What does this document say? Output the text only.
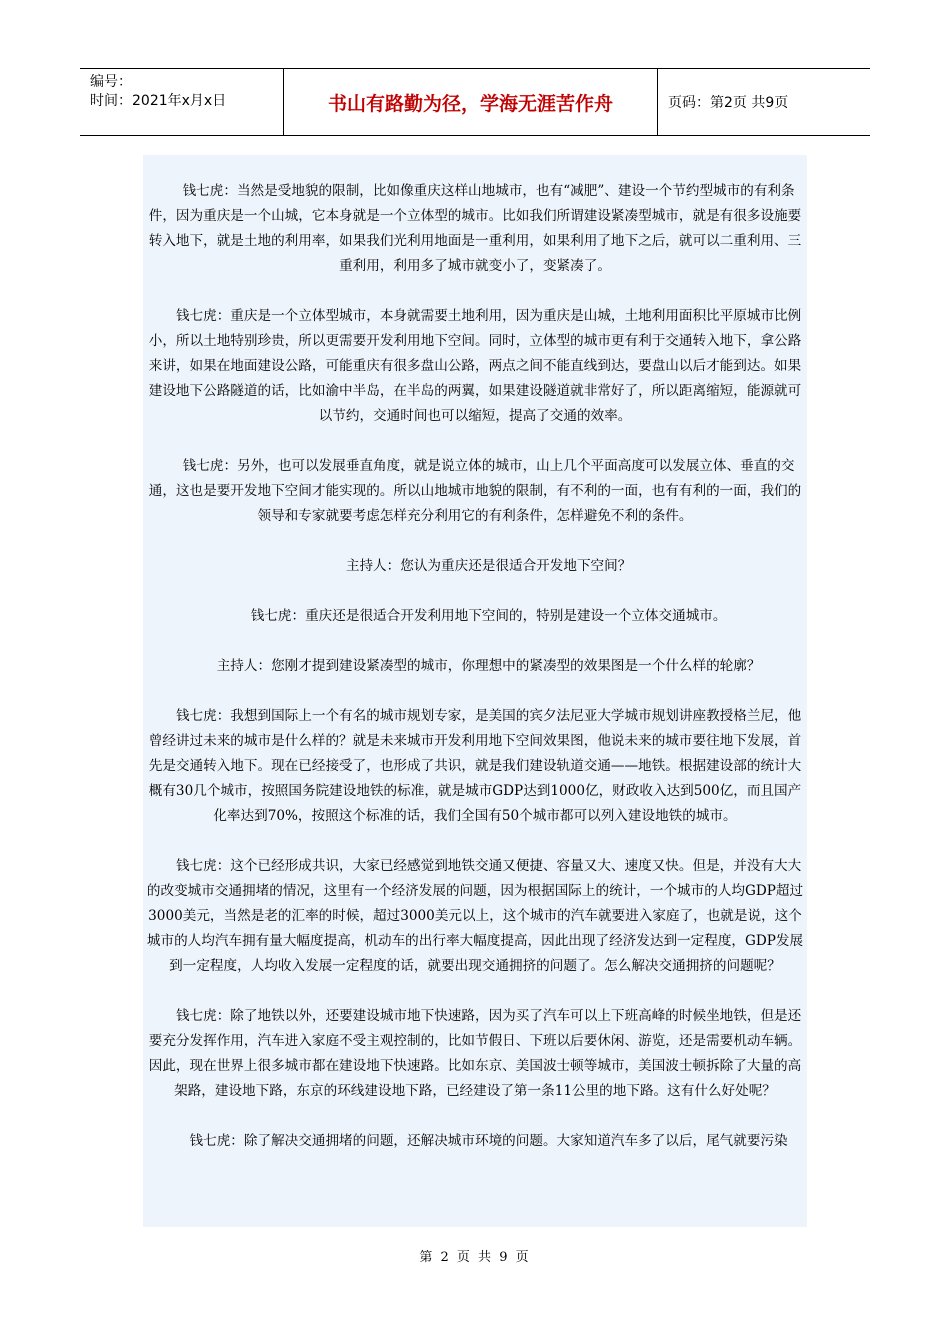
编号：
时间：2021年x月x日	书山有路勤为径，学海无涯苦作舟	页码：第2页 共9页

钱七虎：当然是受地貌的限制，比如像重庆这样山地城市，也有“减肥”、建设一个节约型城市的有利条件，因为重庆是一个山城，它本身就是一个立体型的城市。比如我们所谓建设紧凑型城市，就是有很多设施要转入地下，就是土地的利用率，如果我们光利用地面是一重利用，如果利用了地下之后，就可以二重利用、三重利用，利用多了城市就变小了，变紧凑了。

钱七虎：重庆是一个立体型城市，本身就需要土地利用，因为重庆是山城，土地利用面积比平原城市比例小，所以土地特别珍贵，所以更需要开发利用地下空间。同时，立体型的城市更有利于交通转入地下，拿公路来讲，如果在地面建设公路，可能重庆有很多盘山公路，两点之间不能直线到达，要盘山以后才能到达。如果建设地下公路隧道的话，比如渝中半岛，在半岛的两翼，如果建设隧道就非常好了，所以距离缩短，能源就可以节约，交通时间也可以缩短，提高了交通的效率。

钱七虎：另外，也可以发展垂直角度，就是说立体的城市，山上几个平面高度可以发展立体、垂直的交通，这也是要开发地下空间才能实现的。所以山地城市地貌的限制，有不利的一面，也有有利的一面，我们的领导和专家就要考虑怎样充分利用它的有利条件，怎样避免不利的条件。

主持人：您认为重庆还是很适合开发地下空间？

钱七虎：重庆还是很适合开发利用地下空间的，特别是建设一个立体交通城市。

主持人：您刚才提到建设紧凑型的城市，你理想中的紧凑型的效果图是一个什么样的轮廓？

钱七虎：我想到国际上一个有名的城市规划专家，是美国的宾夕法尼亚大学城市规划讲座教授格兰尼，他曾经讲过未来的城市是什么样的？就是未来城市开发利用地下空间效果图，他说未来的城市要往地下发展，首先是交通转入地下。现在已经接受了，也形成了共识，就是我们建设轨道交通——地铁。根据建设部的统计大概有30几个城市，按照国务院建设地铁的标准，就是城市GDP达到1000亿，财政收入达到500亿，而且国产化率达到70%，按照这个标准的话，我们全国有50个城市都可以列入建设地铁的城市。

钱七虎：这个已经形成共识，大家已经感觉到地铁交通又便捷、容量又大、速度又快。但是，并没有大大的改变城市交通拥堵的情况，这里有一个经济发展的问题，因为根据国际上的统计，一个城市的人均GDP超过3000美元，当然是老的汇率的时候，超过3000美元以上，这个城市的汽车就要进入家庭了，也就是说，这个城市的人均汽车拥有量大幅度提高，机动车的出行率大幅度提高，因此出现了经济发达到一定程度，GDP发展到一定程度，人均收入发展一定程度的话，就要出现交通拥挤的问题了。怎么解决交通拥挤的问题呢？

钱七虎：除了地铁以外，还要建设城市地下快速路，因为买了汽车可以上下班高峰的时候坐地铁，但是还要充分发挥作用，汽车进入家庭不受主观控制的，比如节假日、下班以后要休闲、游览，还是需要机动车辆。因此，现在世界上很多城市都在建设地下快速路。比如东京、美国波士顿等城市，美国波士顿拆除了大量的高架路，建设地下路，东京的环线建设地下路，已经建设了第一条11公里的地下路。这有什么好处呢？

钱七虎：除了解决交通拥堵的问题，还解决城市环境的问题。大家知道汽车多了以后，尾气就要污染

第 2 页 共 9 页
